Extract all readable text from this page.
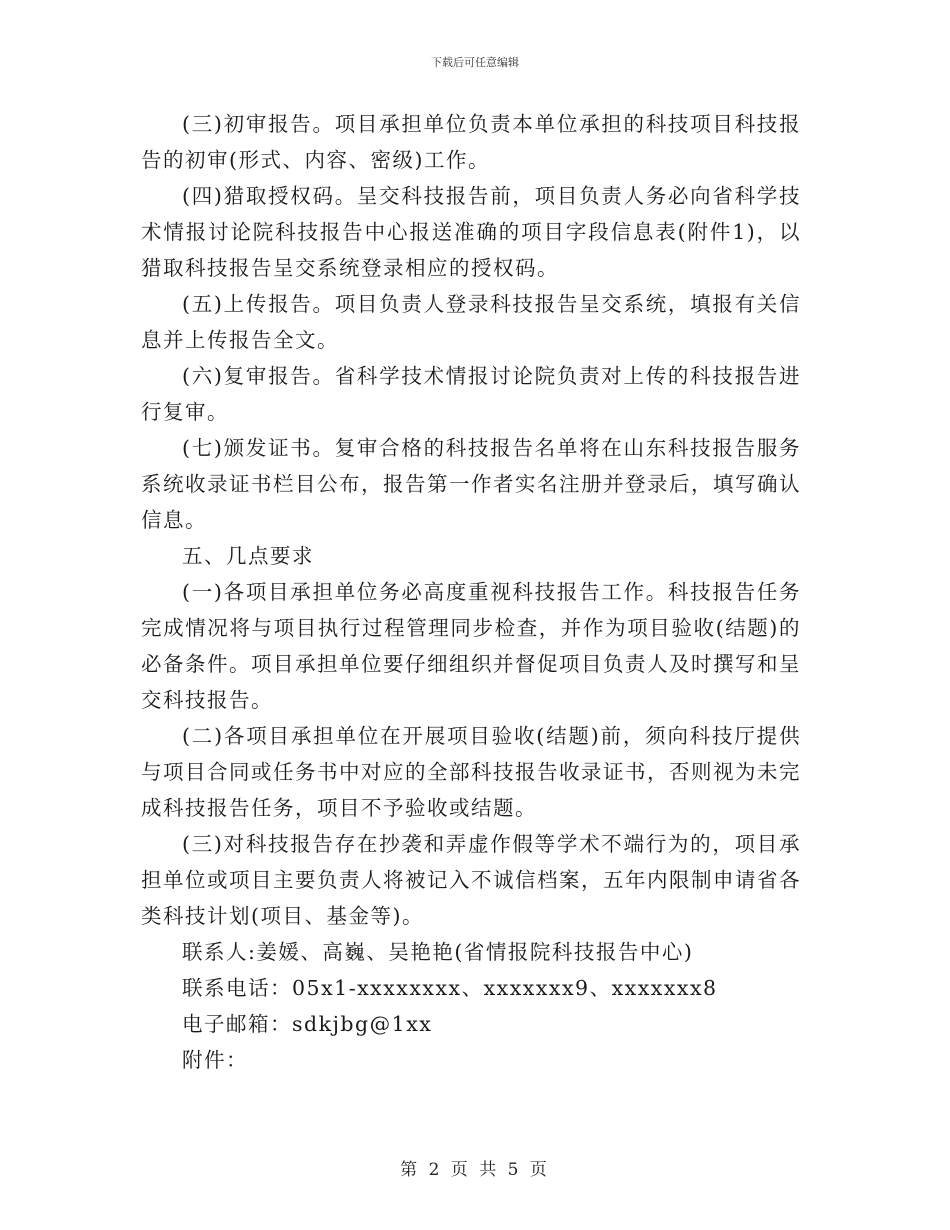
下载后可任意编辑

(三)初审报告。项目承担单位负责本单位承担的科技项目科技报告的初审(形式、内容、密级)工作。

(四)猎取授权码。呈交科技报告前，项目负责人务必向省科学技术情报讨论院科技报告中心报送准确的项目字段信息表(附件1)，以猎取科技报告呈交系统登录相应的授权码。

(五)上传报告。项目负责人登录科技报告呈交系统，填报有关信息并上传报告全文。

(六)复审报告。省科学技术情报讨论院负责对上传的科技报告进行复审。

(七)颁发证书。复审合格的科技报告名单将在山东科技报告服务系统收录证书栏目公布，报告第一作者实名注册并登录后，填写确认信息。

五、几点要求

(一)各项目承担单位务必高度重视科技报告工作。科技报告任务完成情况将与项目执行过程管理同步检查，并作为项目验收(结题)的必备条件。项目承担单位要仔细组织并督促项目负责人及时撰写和呈交科技报告。

(二)各项目承担单位在开展项目验收(结题)前，须向科技厅提供与项目合同或任务书中对应的全部科技报告收录证书，否则视为未完成科技报告任务，项目不予验收或结题。

(三)对科技报告存在抄袭和弄虚作假等学术不端行为的，项目承担单位或项目主要负责人将被记入不诚信档案，五年内限制申请省各类科技计划(项目、基金等)。

联系人:姜媛、高巍、吴艳艳(省情报院科技报告中心)

联系电话：05x1-xxxxxxxx、xxxxxxx9、xxxxxxx8

电子邮箱：sdkjbg@1xx

附件：

第 2 页 共 5 页
